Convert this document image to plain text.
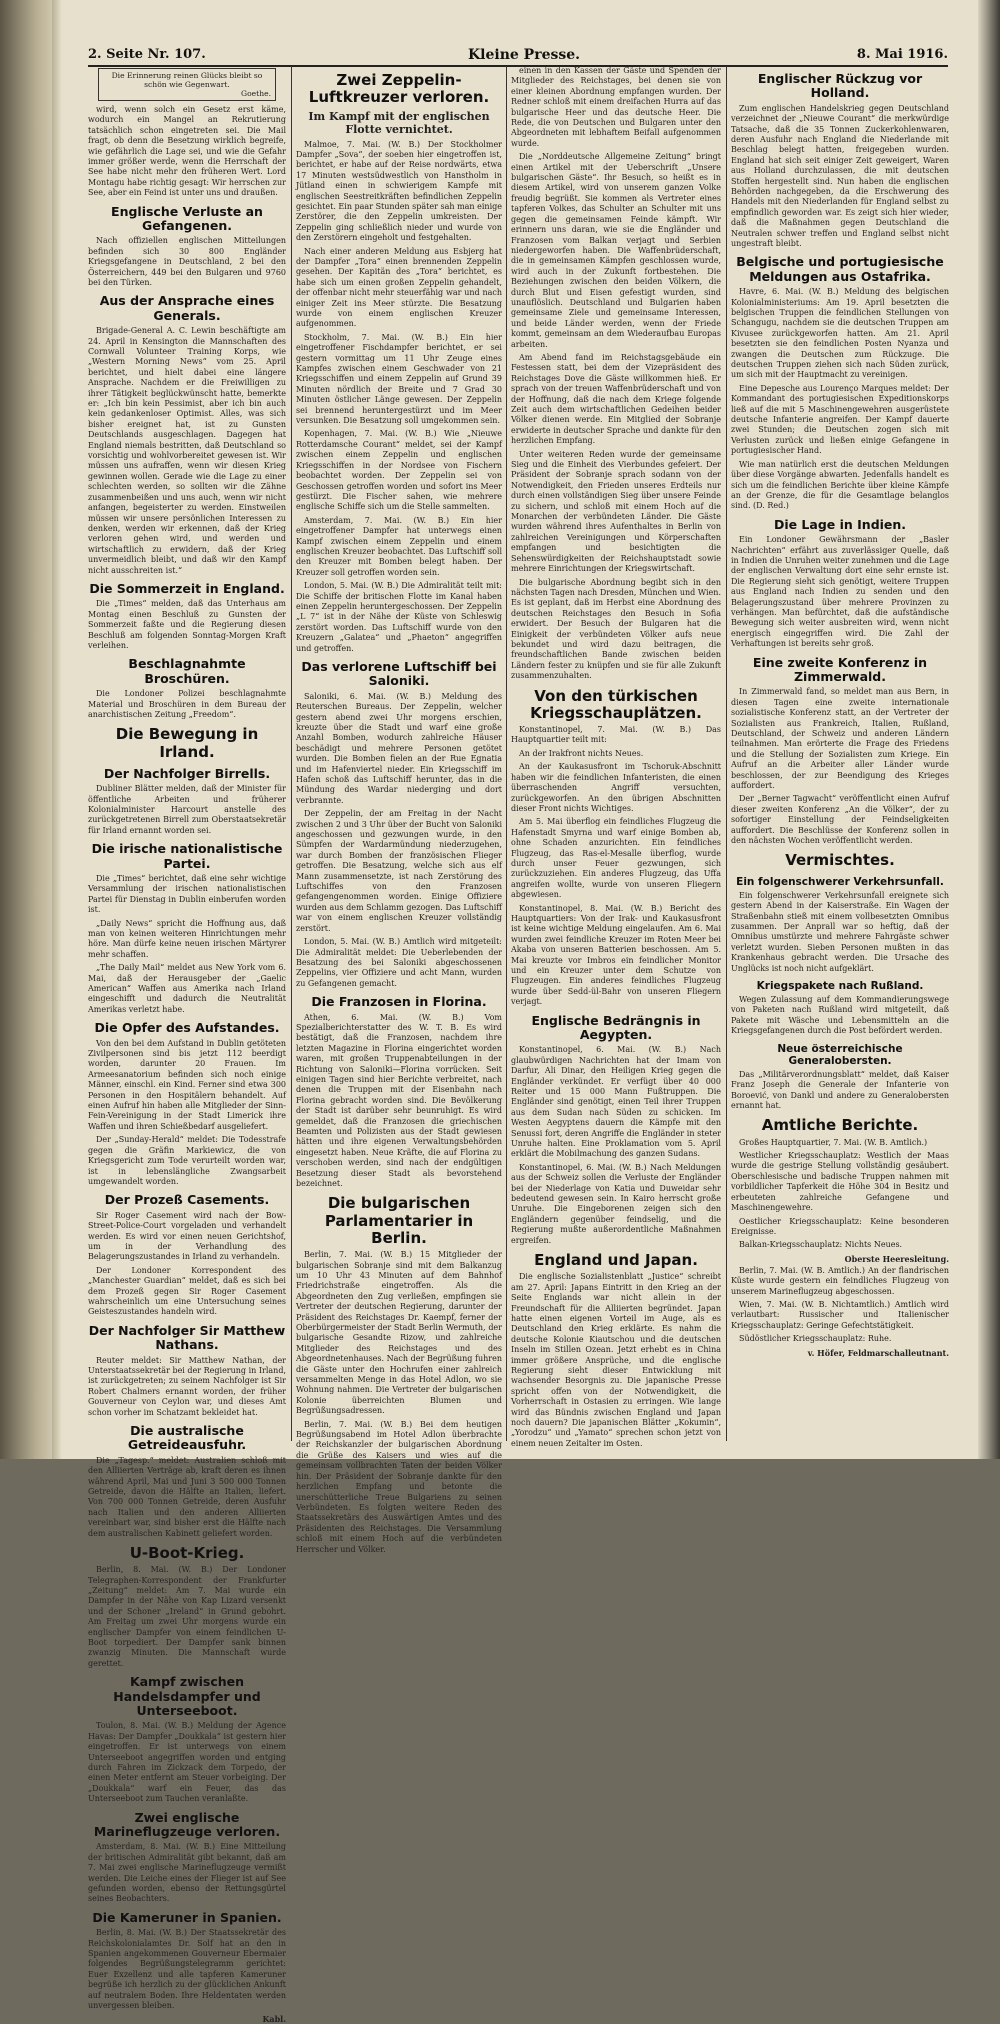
2. Seite Nr. 107.	Kleine Presse.	8. Mai 1916.
Die Erinnerung reinen Glücks bleibt so schön wie Gegenwart.
Goethe.
wird, wenn solch ein Gesetz erst käme, wodurch ein Mangel an Rekrutierung tatsächlich schon eingetreten sei. Die Mail fragt, ob denn die Besetzung wirklich begreife, wie gefährlich die Lage sei, und wie die Gefahr immer größer werde, wenn die Herrschaft der See habe nicht mehr den früheren Wert. Lord Montagu habe richtig gesagt: Wir herrschen zur See, aber ein Feind ist unter uns und draußen.
Englische Verluste an Gefangenen.
Nach offiziellen englischen Mitteilungen befinden sich 30 800 Engländer Kriegsgefangene in Deutschland, 2 bei den Österreichern, 449 bei den Bulgaren und 9760 bei den Türken.
Aus der Ansprache eines Generals.
Brigade-General A. C. Lewin beschäftigte am 24. April in Kensington die Mannschaften des Cornwall Volunteer Training Korps, wie „Western Morning News“ vom 25. April berichtet, und hielt dabei eine längere Ansprache. Nachdem er die Freiwilligen zu ihrer Tätigkeit beglückwünscht hatte, bemerkte er: „Ich bin kein Pessimist, aber ich bin auch kein gedankenloser Optimist. Alles, was sich bisher ereignet hat, ist zu Gunsten Deutschlands ausgeschlagen. Dagegen hat England niemals bestritten, daß Deutschland so vorsichtig und wohlvorbereitet gewesen ist. Wir müssen uns aufraffen, wenn wir diesen Krieg gewinnen wollen. Gerade wie die Lage zu einer schlechten werden, so sollten wir die Zähne zusammenbeißen und uns auch, wenn wir nicht anfangen, begeisterter zu werden. Einstweilen müssen wir unsere persönlichen Interessen zu denken, werden wir erkennen, daß der Krieg verloren gehen wird, und werden und wirtschaftlich zu erwidern, daß der Krieg unvermeidlich bleibt, und daß wir den Kampf nicht ausschreiten ist.“
Die Sommerzeit in England.
Die „Times“ melden, daß das Unterhaus am Montag einen Beschluß zu Gunsten der Sommerzeit faßte und die Regierung diesen Beschluß am folgenden Sonntag-Morgen Kraft verleihen.
Beschlagnahmte Broschüren.
Die Londoner Polizei beschlagnahmte Material und Broschüren in dem Bureau der anarchistischen Zeitung „Freedom“.
Die Bewegung in Irland.
Der Nachfolger Birrells.
Dubliner Blätter melden, daß der Minister für öffentliche Arbeiten und früherer Kolonialminister Harcourt anstelle des zurückgetretenen Birrell zum Oberstaatsekretär für Irland ernannt worden sei.
Die irische nationalistische Partei.
Die „Times“ berichtet, daß eine sehr wichtige Versammlung der irischen nationalistischen Partei für Dienstag in Dublin einberufen worden ist.
„Daily News“ spricht die Hoffnung aus, daß man von keinen weiteren Hinrichtungen mehr höre. Man dürfe keine neuen irischen Märtyrer mehr schaffen.
„The Daily Mail“ meldet aus New York vom 6. Mai, daß der Herausgeber der „Gaelic American“ Waffen aus Amerika nach Irland eingeschifft und dadurch die Neutralität Amerikas verletzt habe.
Die Opfer des Aufstandes.
Von den bei dem Aufstand in Dublin getöteten Zivilpersonen sind bis jetzt 112 beerdigt worden, darunter 20 Frauen. Im Armeesanatorium befinden sich noch einige Männer, einschl. ein Kind. Ferner sind etwa 300 Personen in den Hospitälern behandelt. Auf einen Aufruf hin haben alle Mitglieder der Sinn-Fein-Vereinigung in der Stadt Limerick ihre Waffen und ihren Schießbedarf ausgeliefert.
Der „Sunday-Herald“ meldet: Die Todesstrafe gegen die Gräfin Markiewicz, die von Kriegsgericht zum Tode verurteilt worden war, ist in lebenslängliche Zwangsarbeit umgewandelt worden.
Der Prozeß Casements.
Sir Roger Casement wird nach der Bow-Street-Police-Court vorgeladen und verhandelt werden. Es wird vor einen neuen Gerichtshof, um in der Verhandlung des Belagerungszustandes in Irland zu verhandeln.
Der Londoner Korrespondent des „Manchester Guardian“ meldet, daß es sich bei dem Prozeß gegen Sir Roger Casement wahrscheinlich um eine Untersuchung seines Geisteszustandes handeln wird.
Der Nachfolger Sir Matthew Nathans.
Reuter meldet: Sir Matthew Nathan, der Unterstaatssekretär bei der Regierung in Irland, ist zurückgetreten; zu seinem Nachfolger ist Sir Robert Chalmers ernannt worden, der früher Gouverneur von Ceylon war, und dieses Amt schon vorher im Schatzamt bekleidet hat.
Die australische Getreideausfuhr.
Die „Tagesp.“ meldet: Australien schloß mit den Alliierten Verträge ab, kraft deren es ihnen während April, Mai und Juni 3 500 000 Tonnen Getreide, davon die Hälfte an Italien, liefert. Von 700 000 Tonnen Getreide, deren Ausfuhr nach Italien und den anderen Alliierten vereinbart war, sind bisher erst die Hälfte nach dem australischen Kabinett geliefert worden.
U-Boot-Krieg.
Berlin, 8. Mai. (W. B.) Der Londoner Telegraphen-Korrespondent der Frankfurter „Zeitung“ meldet: Am 7. Mai wurde ein Dampfer in der Nähe von Kap Lizard versenkt und der Schoner „Ireland“ in Grund gebohrt. Am Freitag um zwei Uhr morgens wurde ein englischer Dampfer von einem feindlichen U-Boot torpediert. Der Dampfer sank binnen zwanzig Minuten. Die Mannschaft wurde gerettet.
Kampf zwischen Handelsdampfer und Unterseeboot.
Toulon, 8. Mai. (W. B.) Meldung der Agence Havas: Der Dampfer „Doukkala“ ist gestern hier eingetroffen. Er ist unterwegs von einem Unterseeboot angegriffen worden und entging durch Fahren im Zickzack dem Torpedo, der einen Meter entfernt am Steuer vorbeiging. Der „Doukkala“ warf ein Feuer, das das Unterseeboot zum Tauchen veranlaßte.
Zwei englische Marineflugzeuge verloren.
Amsterdam, 8. Mai. (W. B.) Eine Mitteilung der britischen Admiralität gibt bekannt, daß am 7. Mai zwei englische Marineflugzeuge vermißt werden. Die Leiche eines der Flieger ist auf See gefunden worden, ebenso der Rettungsgürtel seines Beobachters.
Die Kameruner in Spanien.
Berlin, 8. Mai. (W. B.) Der Staatssekretär des Reichskolonialamtes Dr. Solf hat an den in Spanien angekommenen Gouverneur Ebermaier folgendes Begrüßungstelegramm gerichtet: Euer Exzellenz und alle tapferen Kameruner begrüße ich herzlich zu der glücklichen Ankunft auf neutralem Boden. Ihre Heldentaten werden unvergessen bleiben.
Kabl.
Zwei Zeppelin-Luftkreuzer verloren.
Im Kampf mit der englischen Flotte vernichtet.
Malmoe, 7. Mai. (W. B.) Der Stockholmer Dampfer „Sova“, der soeben hier eingetroffen ist, berichtet, er habe auf der Reise nordwärts, etwa 17 Minuten westsüdwestlich von Hanstholm in Jütland einen in schwierigem Kampfe mit englischen Seestreitkräften befindlichen Zeppelin gesichtet. Ein paar Stunden später sah man einige Zerstörer, die den Zeppelin umkreisten. Der Zeppelin ging schließlich nieder und wurde von den Zerstörern eingeholt und festgehalten.
Nach einer anderen Meldung aus Esbjerg hat der Dampfer „Tora“ einen brennenden Zeppelin gesehen. Der Kapitän des „Tora“ berichtet, es habe sich um einen großen Zeppelin gehandelt, der offenbar nicht mehr steuerfähig war und nach einiger Zeit ins Meer stürzte. Die Besatzung wurde von einem englischen Kreuzer aufgenommen.
Stockholm, 7. Mai. (W. B.) Ein hier eingetroffener Fischdampfer berichtet, er sei gestern vormittag um 11 Uhr Zeuge eines Kampfes zwischen einem Geschwader von 21 Kriegsschiffen und einem Zeppelin auf Grund 39 Minuten nördlich der Breite und 7 Grad 30 Minuten östlicher Länge gewesen. Der Zeppelin sei brennend heruntergestürzt und im Meer versunken. Die Besatzung soll umgekommen sein.
Kopenhagen, 7. Mai. (W. B.) Wie „Nieuwe Rotterdamsche Courant“ meldet, sei der Kampf zwischen einem Zeppelin und englischen Kriegsschiffen in der Nordsee von Fischern beobachtet worden. Der Zeppelin sei von Geschossen getroffen worden und sofort ins Meer gestürzt. Die Fischer sahen, wie mehrere englische Schiffe sich um die Stelle sammelten.
Amsterdam, 7. Mai. (W. B.) Ein hier eingetroffener Dampfer hat unterwegs einen Kampf zwischen einem Zeppelin und einem englischen Kreuzer beobachtet. Das Luftschiff soll den Kreuzer mit Bomben belegt haben. Der Kreuzer soll getroffen worden sein.
London, 5. Mai. (W. B.) Die Admiralität teilt mit: Die Schiffe der britischen Flotte im Kanal haben einen Zeppelin heruntergeschossen. Der Zeppelin „L 7“ ist in der Nähe der Küste von Schleswig zerstört worden. Das Luftschiff wurde von den Kreuzern „Galatea“ und „Phaeton“ angegriffen und getroffen.
Das verlorene Luftschiff bei Saloniki.
Saloniki, 6. Mai. (W. B.) Meldung des Reuterschen Bureaus. Der Zeppelin, welcher gestern abend zwei Uhr morgens erschien, kreuzte über die Stadt und warf eine große Anzahl Bomben, wodurch zahlreiche Häuser beschädigt und mehrere Personen getötet wurden. Die Bomben fielen an der Rue Egnatia und im Hafenviertel nieder. Ein Kriegsschiff im Hafen schoß das Luftschiff herunter, das in die Mündung des Wardar niederging und dort verbrannte.
Der Zeppelin, der am Freitag in der Nacht zwischen 2 und 3 Uhr über der Bucht von Saloniki angeschossen und gezwungen wurde, in den Sümpfen der Wardarmündung niederzugehen, war durch Bomben der französischen Flieger getroffen. Die Besatzung, welche sich aus elf Mann zusammensetzte, ist nach Zerstörung des Luftschiffes von den Franzosen gefangengenommen worden. Einige Offiziere wurden aus dem Schlamm gezogen. Das Luftschiff war von einem englischen Kreuzer vollständig zerstört.
London, 5. Mai. (W. B.) Amtlich wird mitgeteilt: Die Admiralität meldet: Die Ueberlebenden der Besatzung des bei Saloniki abgeschossenen Zeppelins, vier Offiziere und acht Mann, wurden zu Gefangenen gemacht.
Die Franzosen in Florina.
Athen, 6. Mai. (W. B.) Vom Spezialberichterstatter des W. T. B. Es wird bestätigt, daß die Franzosen, nachdem ihre letzten Magazine in Florina eingerichtet worden waren, mit großen Truppenabteilungen in der Richtung von Saloniki—Florina vorrücken. Seit einigen Tagen sind hier Berichte verbreitet, nach denen die Truppen mit der Eisenbahn nach Florina gebracht worden sind. Die Bevölkerung der Stadt ist darüber sehr beunruhigt. Es wird gemeldet, daß die Franzosen die griechischen Beamten und Polizisten aus der Stadt gewiesen hätten und ihre eigenen Verwaltungsbehörden eingesetzt haben. Neue Kräfte, die auf Florina zu verschoben werden, sind nach der endgültigen Besetzung dieser Stadt als bevorstehend bezeichnet.
Die bulgarischen Parlamentarier in Berlin.
Berlin, 7. Mai. (W. B.) 15 Mitglieder der bulgarischen Sobranje sind mit dem Balkanzug um 10 Uhr 43 Minuten auf dem Bahnhof Friedrichstraße eingetroffen. Als die Abgeordneten den Zug verließen, empfingen sie Vertreter der deutschen Regierung, darunter der Präsident des Reichstages Dr. Kaempf, ferner der Oberbürgermeister der Stadt Berlin Wermuth, der bulgarische Gesandte Rizow, und zahlreiche Mitglieder des Reichstages und des Abgeordnetenhauses. Nach der Begrüßung fuhren die Gäste unter den Hochrufen einer zahlreich versammelten Menge in das Hotel Adlon, wo sie Wohnung nahmen. Die Vertreter der bulgarischen Kolonie überreichten Blumen und Begrüßungsadressen.
Berlin, 7. Mai. (W. B.) Bei dem heutigen Begrüßungsabend im Hotel Adlon überbrachte der Reichskanzler der bulgarischen Abordnung die Grüße des Kaisers und wies auf die gemeinsam vollbrachten Taten der beiden Völker hin. Der Präsident der Sobranje dankte für den herzlichen Empfang und betonte die unerschütterliche Treue Bulgariens zu seinen Verbündeten. Es folgten weitere Reden des Staatssekretärs des Auswärtigen Amtes und des Präsidenten des Reichstages. Die Versammlung schloß mit einem Hoch auf die verbündeten Herrscher und Völker.
einen in den Kassen der Gäste und Spenden der Mitglieder des Reichstages, bei denen sie von einer kleinen Abordnung empfangen wurden. Der Redner schloß mit einem dreifachen Hurra auf das bulgarische Heer und das deutsche Heer. Die Rede, die von Deutschen und Bulgaren unter den Abgeordneten mit lebhaftem Beifall aufgenommen wurde.
Die „Norddeutsche Allgemeine Zeitung“ bringt einen Artikel mit der Ueberschrift „Unsere bulgarischen Gäste“. Ihr Besuch, so heißt es in diesem Artikel, wird von unserem ganzen Volke freudig begrüßt. Sie kommen als Vertreter eines tapferen Volkes, das Schulter an Schulter mit uns gegen die gemeinsamen Feinde kämpft. Wir erinnern uns daran, wie sie die Engländer und Franzosen vom Balkan verjagt und Serbien niedergeworfen haben. Die Waffenbrüderschaft, die in gemeinsamen Kämpfen geschlossen wurde, wird auch in der Zukunft fortbestehen. Die Beziehungen zwischen den beiden Völkern, die durch Blut und Eisen gefestigt wurden, sind unauflöslich. Deutschland und Bulgarien haben gemeinsame Ziele und gemeinsame Interessen, und beide Länder werden, wenn der Friede kommt, gemeinsam an dem Wiederaufbau Europas arbeiten.
Am Abend fand im Reichstagsgebäude ein Festessen statt, bei dem der Vizepräsident des Reichstages Dove die Gäste willkommen hieß. Er sprach von der treuen Waffenbrüderschaft und von der Hoffnung, daß die nach dem Kriege folgende Zeit auch dem wirtschaftlichen Gedeihen beider Völker dienen werde. Ein Mitglied der Sobranje erwiderte in deutscher Sprache und dankte für den herzlichen Empfang.
Unter weiteren Reden wurde der gemeinsame Sieg und die Einheit des Vierbundes gefeiert. Der Präsident der Sobranje sprach sodann von der Notwendigkeit, den Frieden unseres Erdteils nur durch einen vollständigen Sieg über unsere Feinde zu sichern, und schloß mit einem Hoch auf die Monarchen der verbündeten Länder. Die Gäste wurden während ihres Aufenthaltes in Berlin von zahlreichen Vereinigungen und Körperschaften empfangen und besichtigten die Sehenswürdigkeiten der Reichshauptstadt sowie mehrere Einrichtungen der Kriegswirtschaft.
Die bulgarische Abordnung begibt sich in den nächsten Tagen nach Dresden, München und Wien. Es ist geplant, daß im Herbst eine Abordnung des deutschen Reichstages den Besuch in Sofia erwidert. Der Besuch der Bulgaren hat die Einigkeit der verbündeten Völker aufs neue bekundet und wird dazu beitragen, die freundschaftlichen Bande zwischen beiden Ländern fester zu knüpfen und sie für alle Zukunft zusammenzuhalten.
Von den türkischen Kriegsschauplätzen.
Konstantinopel, 7. Mai. (W. B.) Das Hauptquartier teilt mit:
An der Irakfront nichts Neues.
An der Kaukasusfront im Tschoruk-Abschnitt haben wir die feindlichen Infanteristen, die einen überraschenden Angriff versuchten, zurückgeworfen. An den übrigen Abschnitten dieser Front nichts Wichtiges.
Am 5. Mai überflog ein feindliches Flugzeug die Hafenstadt Smyrna und warf einige Bomben ab, ohne Schaden anzurichten. Ein feindliches Flugzeug, das Ras-el-Mesalle überflog, wurde durch unser Feuer gezwungen, sich zurückzuziehen. Ein anderes Flugzeug, das Uffa angreifen wollte, wurde von unseren Fliegern abgewiesen.
Konstantinopel, 8. Mai. (W. B.) Bericht des Hauptquartiers: Von der Irak- und Kaukasusfront ist keine wichtige Meldung eingelaufen. Am 6. Mai wurden zwei feindliche Kreuzer im Roten Meer bei Akaba von unseren Batterien beschossen. Am 5. Mai kreuzte vor Imbros ein feindlicher Monitor und ein Kreuzer unter dem Schutze von Flugzeugen. Ein anderes feindliches Flugzeug wurde über Sedd-ül-Bahr von unseren Fliegern verjagt.
Englische Bedrängnis in Aegypten.
Konstantinopel, 6. Mai. (W. B.) Nach glaubwürdigen Nachrichten hat der Imam von Darfur, Ali Dinar, den Heiligen Krieg gegen die Engländer verkündet. Er verfügt über 40 000 Reiter und 15 000 Mann Fußtruppen. Die Engländer sind genötigt, einen Teil ihrer Truppen aus dem Sudan nach Süden zu schicken. Im Westen Aegyptens dauern die Kämpfe mit den Senussi fort, deren Angriffe die Engländer in steter Unruhe halten. Eine Proklamation vom 5. April erklärt die Mobilmachung des ganzen Sudans.
Konstantinopel, 6. Mai. (W. B.) Nach Meldungen aus der Schweiz sollen die Verluste der Engländer bei der Niederlage von Katia und Duweidar sehr bedeutend gewesen sein. In Kairo herrscht große Unruhe. Die Eingeborenen zeigen sich den Engländern gegenüber feindselig, und die Regierung mußte außerordentliche Maßnahmen ergreifen.
England und Japan.
Die englische Sozialistenblatt „Justice“ schreibt am 27. April: Japans Eintritt in den Krieg an der Seite Englands war nicht allein in der Freundschaft für die Alliierten begründet. Japan hatte einen eigenen Vorteil im Auge, als es Deutschland den Krieg erklärte. Es nahm die deutsche Kolonie Kiautschou und die deutschen Inseln im Stillen Ozean. Jetzt erhebt es in China immer größere Ansprüche, und die englische Regierung sieht dieser Entwicklung mit wachsender Besorgnis zu. Die japanische Presse spricht offen von der Notwendigkeit, die Vorherrschaft in Ostasien zu erringen. Wie lange wird das Bündnis zwischen England und Japan noch dauern? Die japanischen Blätter „Kokumin“, „Yorodzu“ und „Yamato“ sprechen schon jetzt von einem neuen Zeitalter im Osten.
Englischer Rückzug vor Holland.
Zum englischen Handelskrieg gegen Deutschland verzeichnet der „Nieuwe Courant“ die merkwürdige Tatsache, daß die 35 Tonnen Zuckerkohlenwaren, deren Ausfuhr nach England die Niederlande mit Beschlag belegt hatten, freigegeben wurden. England hat sich seit einiger Zeit geweigert, Waren aus Holland durchzulassen, die mit deutschen Stoffen hergestellt sind. Nun haben die englischen Behörden nachgegeben, da die Erschwerung des Handels mit den Niederlanden für England selbst zu empfindlich geworden war. Es zeigt sich hier wieder, daß die Maßnahmen gegen Deutschland die Neutralen schwer treffen und England selbst nicht ungestraft bleibt.
Belgische und portugiesische Meldungen aus Ostafrika.
Havre, 6. Mai. (W. B.) Meldung des belgischen Kolonialministeriums: Am 19. April besetzten die belgischen Truppen die feindlichen Stellungen von Schangugu, nachdem sie die deutschen Truppen am Kivusee zurückgeworfen hatten. Am 21. April besetzten sie den feindlichen Posten Nyanza und zwangen die Deutschen zum Rückzuge. Die deutschen Truppen ziehen sich nach Süden zurück, um sich mit der Hauptmacht zu vereinigen.
Eine Depesche aus Lourenço Marques meldet: Der Kommandant des portugiesischen Expeditionskorps ließ auf die mit 5 Maschinengewehren ausgerüstete deutsche Infanterie angreifen. Der Kampf dauerte zwei Stunden; die Deutschen zogen sich mit Verlusten zurück und ließen einige Gefangene in portugiesischer Hand.
Wie man natürlich erst die deutschen Meldungen über diese Vorgänge abwarten. Jedenfalls handelt es sich um die feindlichen Berichte über kleine Kämpfe an der Grenze, die für die Gesamtlage belanglos sind. (D. Red.)
Die Lage in Indien.
Ein Londoner Gewährsmann der „Basler Nachrichten“ erfährt aus zuverlässiger Quelle, daß in Indien die Unruhen weiter zunehmen und die Lage der englischen Verwaltung dort eine sehr ernste ist. Die Regierung sieht sich genötigt, weitere Truppen aus England nach Indien zu senden und den Belagerungszustand über mehrere Provinzen zu verhängen. Man befürchtet, daß die aufständische Bewegung sich weiter ausbreiten wird, wenn nicht energisch eingegriffen wird. Die Zahl der Verhaftungen ist bereits sehr groß.
Eine zweite Konferenz in Zimmerwald.
In Zimmerwald fand, so meldet man aus Bern, in diesen Tagen eine zweite internationale sozialistische Konferenz statt, an der Vertreter der Sozialisten aus Frankreich, Italien, Rußland, Deutschland, der Schweiz und anderen Ländern teilnahmen. Man erörterte die Frage des Friedens und die Stellung der Sozialisten zum Kriege. Ein Aufruf an die Arbeiter aller Länder wurde beschlossen, der zur Beendigung des Krieges auffordert.
Der „Berner Tagwacht“ veröffentlicht einen Aufruf dieser zweiten Konferenz „An die Völker“, der zu sofortiger Einstellung der Feindseligkeiten auffordert. Die Beschlüsse der Konferenz sollen in den nächsten Wochen veröffentlicht werden.
Vermischtes.
Ein folgenschwerer Verkehrsunfall.
Ein folgenschwerer Verkehrsunfall ereignete sich gestern Abend in der Kaiserstraße. Ein Wagen der Straßenbahn stieß mit einem vollbesetzten Omnibus zusammen. Der Anprall war so heftig, daß der Omnibus umstürzte und mehrere Fahrgäste schwer verletzt wurden. Sieben Personen mußten in das Krankenhaus gebracht werden. Die Ursache des Unglücks ist noch nicht aufgeklärt.
Kriegspakete nach Rußland.
Wegen Zulassung auf dem Kommandierungswege von Paketen nach Rußland wird mitgeteilt, daß Pakete mit Wäsche und Lebensmitteln an die Kriegsgefangenen durch die Post befördert werden.
Neue österreichische Generalobersten.
Das „Militärverordnungsblatt“ meldet, daß Kaiser Franz Joseph die Generale der Infanterie von Boroević, von Dankl und andere zu Generalobersten ernannt hat.
Amtliche Berichte.
Großes Hauptquartier, 7. Mai. (W. B. Amtlich.)
Westlicher Kriegsschauplatz: Westlich der Maas wurde die gestrige Stellung vollständig gesäubert. Oberschlesische und badische Truppen nahmen mit vorbildlicher Tapferkeit die Höhe 304 in Besitz und erbeuteten zahlreiche Gefangene und Maschinengewehre.
Oestlicher Kriegsschauplatz: Keine besonderen Ereignisse.
Balkan-Kriegsschauplatz: Nichts Neues.
Oberste Heeresleitung.
Berlin, 7. Mai. (W. B. Amtlich.) An der flandrischen Küste wurde gestern ein feindliches Flugzeug von unserem Marineflugzeug abgeschossen.
Wien, 7. Mai. (W. B. Nichtamtlich.) Amtlich wird verlautbart: Russischer und Italienischer Kriegsschauplatz: Geringe Gefechtstätigkeit.
Südöstlicher Kriegsschauplatz: Ruhe.
v. Höfer, Feldmarschalleutnant.
